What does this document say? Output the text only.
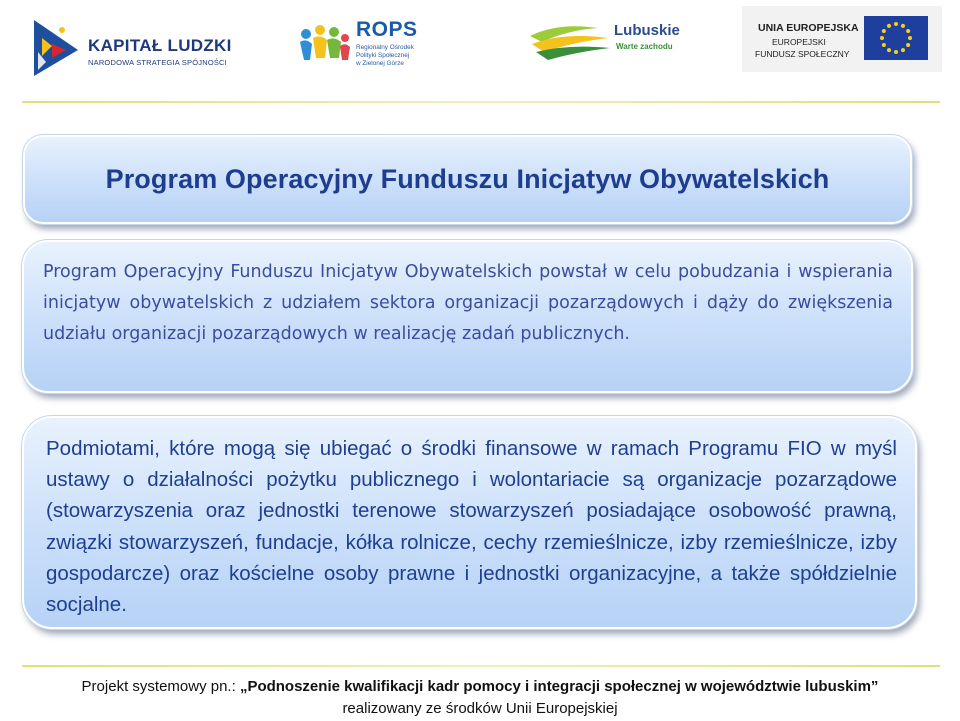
KAPITAŁ LUDZKI
NARODOWA STRATEGIA SPÓJNOŚCI
ROPS
Regionalny Ośrodek
Polityki Społecznej
w Zielonej Górze
Lubuskie
Warte zachodu
UNIA EUROPEJSKA
EUROPEJSKI
FUNDUSZ SPOŁECZNY
Program Operacyjny Funduszu Inicjatyw Obywatelskich

Program Operacyjny Funduszu Inicjatyw Obywatelskich powstał w celu pobudzania i wspierania inicjatyw obywatelskich z udziałem sektora organizacji pozarządowych i dąży do zwiększenia udziału organizacji pozarządowych w realizację zadań publicznych.

Podmiotami, które mogą się ubiegać o środki finansowe w ramach Programu FIO w myśl ustawy o działalności pożytku publicznego i wolontariacie są organizacje pozarządowe (stowarzyszenia oraz jednostki terenowe stowarzyszeń posiadające osobowość prawną, związki stowarzyszeń, fundacje, kółka rolnicze, cechy rzemieślnicze, izby rzemieślnicze, izby gospodarcze) oraz kościelne osoby prawne i jednostki organizacyjne, a także spółdzielnie socjalne.

Projekt systemowy pn.: „Podnoszenie kwalifikacji kadr pomocy i integracji społecznej w województwie lubuskim”
realizowany ze środków Unii Europejskiej
